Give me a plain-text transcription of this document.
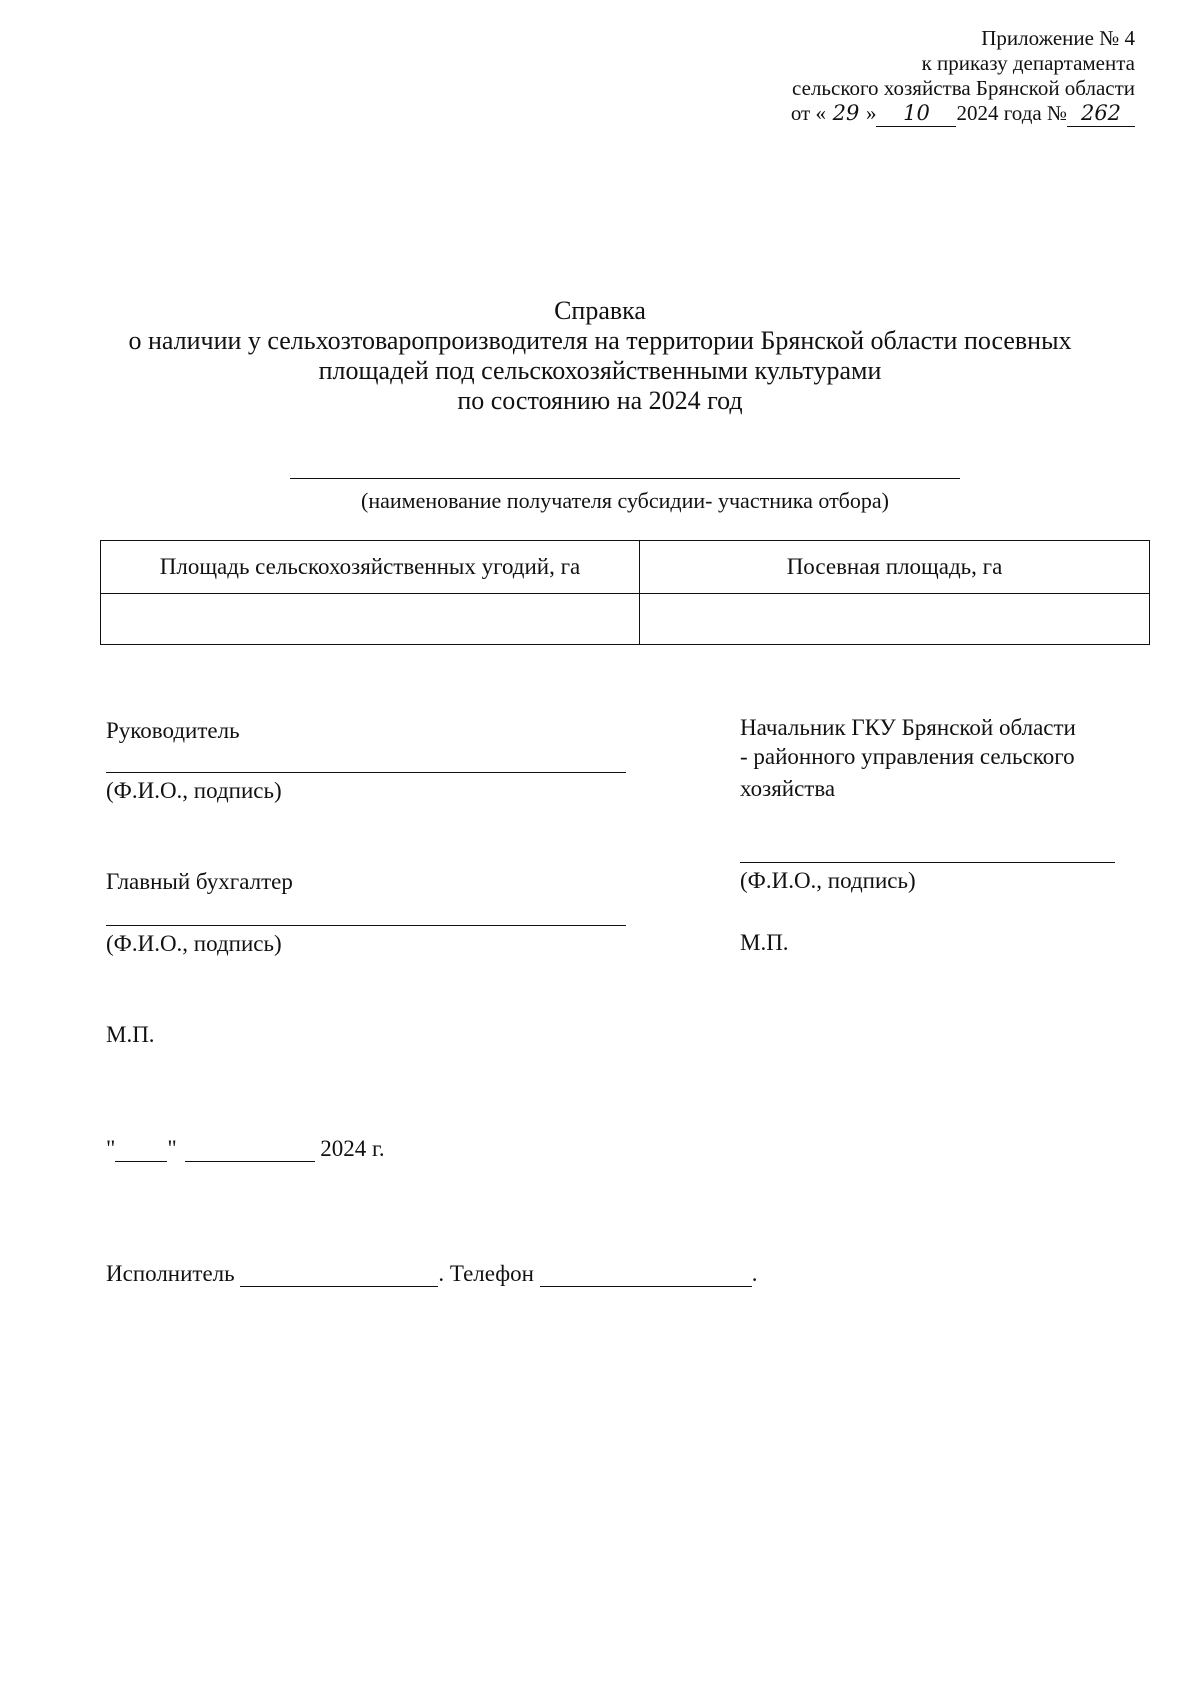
Приложение № 4
к приказу департамента
сельского хозяйства Брянской области
от « 29 » 10 2024 года № 262
Справка
о наличии у сельхозтоваропроизводителя на территории Брянской области посевных
площадей под сельскохозяйственными культурами
по состоянию на 2024 год
(наименование получателя субсидии- участника отбора)
Площадь сельскохозяйственных угодий, га	Посевная площадь, га

Руководитель
(Ф.И.О., подпись)
Главный бухгалтер
(Ф.И.О., подпись)
М.П.
Начальник ГКУ Брянской области
- районного управления сельского
хозяйства
(Ф.И.О., подпись)
М.П.
" "	2024 г.
Исполнитель	. Телефон	.
